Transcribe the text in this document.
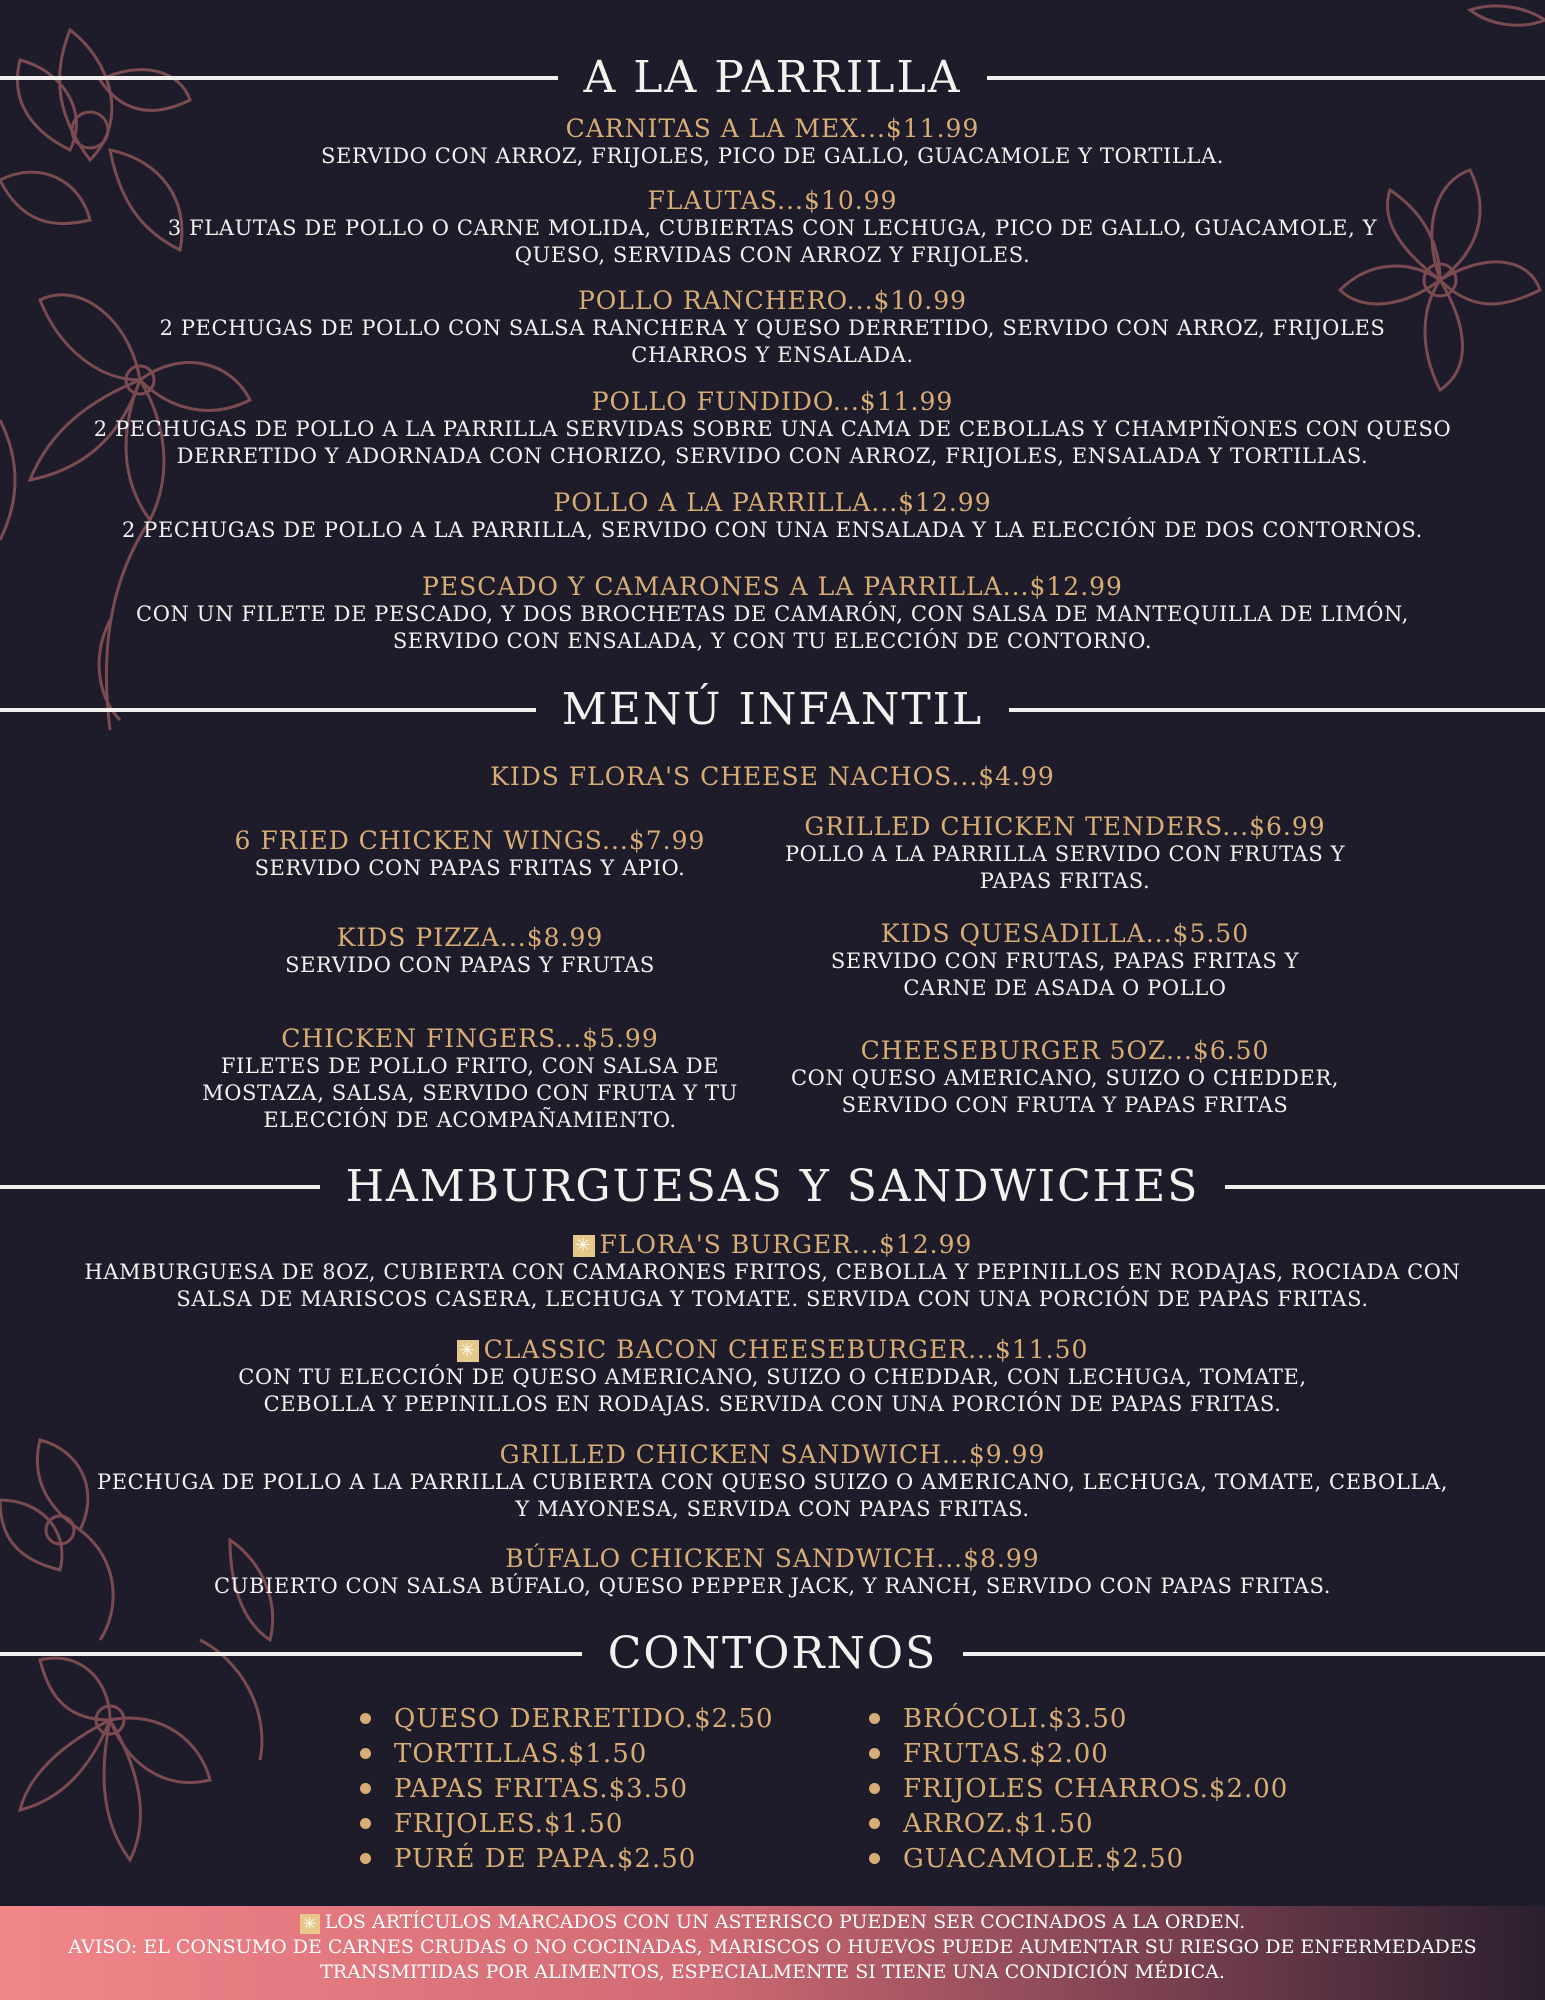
A LA PARRILLA
CARNITAS A LA MEX...$11.99
SERVIDO CON ARROZ, FRIJOLES, PICO DE GALLO, GUACAMOLE Y TORTILLA.
FLAUTAS...$10.99
3 FLAUTAS DE POLLO O CARNE MOLIDA, CUBIERTAS CON LECHUGA, PICO DE GALLO, GUACAMOLE, Y
QUESO, SERVIDAS CON ARROZ Y FRIJOLES.
POLLO RANCHERO...$10.99
2 PECHUGAS DE POLLO CON SALSA RANCHERA Y QUESO DERRETIDO, SERVIDO CON ARROZ, FRIJOLES
CHARROS Y ENSALADA.
POLLO FUNDIDO...$11.99
2 PECHUGAS DE POLLO A LA PARRILLA SERVIDAS SOBRE UNA CAMA DE CEBOLLAS Y CHAMPIÑONES CON QUESO
DERRETIDO Y ADORNADA CON CHORIZO, SERVIDO CON ARROZ, FRIJOLES, ENSALADA Y TORTILLAS.
POLLO A LA PARRILLA...$12.99
2 PECHUGAS DE POLLO A LA PARRILLA, SERVIDO CON UNA ENSALADA Y LA ELECCIÓN DE DOS CONTORNOS.
PESCADO Y CAMARONES A LA PARRILLA...$12.99
CON UN FILETE DE PESCADO, Y DOS BROCHETAS DE CAMARÓN, CON SALSA DE MANTEQUILLA DE LIMÓN,
SERVIDO CON ENSALADA, Y CON TU ELECCIÓN DE CONTORNO.
MENÚ INFANTIL
KIDS FLORA'S CHEESE NACHOS...$4.99
6 FRIED CHICKEN WINGS...$7.99
SERVIDO CON PAPAS FRITAS Y APIO.
GRILLED CHICKEN TENDERS...$6.99
POLLO A LA PARRILLA SERVIDO CON FRUTAS Y
PAPAS FRITAS.
KIDS PIZZA...$8.99
SERVIDO CON PAPAS Y FRUTAS
KIDS QUESADILLA...$5.50
SERVIDO CON FRUTAS, PAPAS FRITAS Y
CARNE DE ASADA O POLLO
CHICKEN FINGERS...$5.99
FILETES DE POLLO FRITO, CON SALSA DE
MOSTAZA, SALSA, SERVIDO CON FRUTA Y TU
ELECCIÓN DE ACOMPAÑAMIENTO.
CHEESEBURGER 5OZ...$6.50
CON QUESO AMERICANO, SUIZO O CHEDDER,
SERVIDO CON FRUTA Y PAPAS FRITAS
HAMBURGUESAS Y SANDWICHES
✳ FLORA'S BURGER...$12.99
HAMBURGUESA DE 8OZ, CUBIERTA CON CAMARONES FRITOS, CEBOLLA Y PEPINILLOS EN RODAJAS, ROCIADA CON
SALSA DE MARISCOS CASERA, LECHUGA Y TOMATE. SERVIDA CON UNA PORCIÓN DE PAPAS FRITAS.
✳ CLASSIC BACON CHEESEBURGER...$11.50
CON TU ELECCIÓN DE QUESO AMERICANO, SUIZO O CHEDDAR, CON LECHUGA, TOMATE,
CEBOLLA Y PEPINILLOS EN RODAJAS. SERVIDA CON UNA PORCIÓN DE PAPAS FRITAS.
GRILLED CHICKEN SANDWICH...$9.99
PECHUGA DE POLLO A LA PARRILLA CUBIERTA CON QUESO SUIZO O AMERICANO, LECHUGA, TOMATE, CEBOLLA,
Y MAYONESA, SERVIDA CON PAPAS FRITAS.
BÚFALO CHICKEN SANDWICH...$8.99
CUBIERTO CON SALSA BÚFALO, QUESO PEPPER JACK, Y RANCH, SERVIDO CON PAPAS FRITAS.
CONTORNOS
QUESO DERRETIDO.$2.50
TORTILLAS.$1.50
PAPAS FRITAS.$3.50
FRIJOLES.$1.50
PURÉ DE PAPA.$2.50
BRÓCOLI.$3.50
FRUTAS.$2.00
FRIJOLES CHARROS.$2.00
ARROZ.$1.50
GUACAMOLE.$2.50
✳ LOS ARTÍCULOS MARCADOS CON UN ASTERISCO PUEDEN SER COCINADOS A LA ORDEN.
AVISO: EL CONSUMO DE CARNES CRUDAS O NO COCINADAS, MARISCOS O HUEVOS PUEDE AUMENTAR SU RIESGO DE ENFERMEDADES
TRANSMITIDAS POR ALIMENTOS, ESPECIALMENTE SI TIENE UNA CONDICIÓN MÉDICA.
